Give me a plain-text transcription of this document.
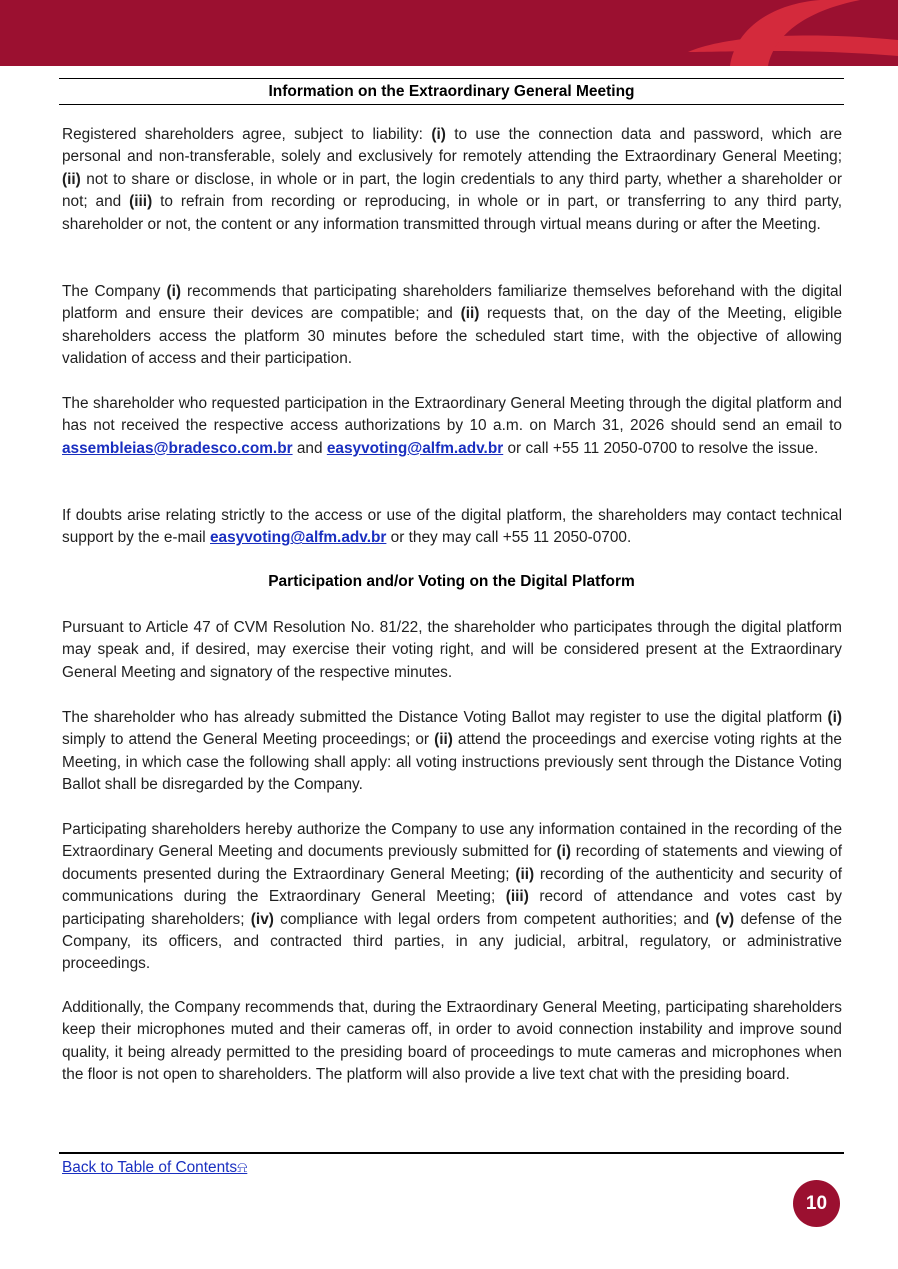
Information on the Extraordinary General Meeting

Registered shareholders agree, subject to liability: (i) to use the connection data and password, which are personal and non-transferable, solely and exclusively for remotely attending the Extraordinary General Meeting; (ii) not to share or disclose, in whole or in part, the login credentials to any third party, whether a shareholder or not; and (iii) to refrain from recording or reproducing, in whole or in part, or transferring to any third party, shareholder or not, the content or any information transmitted through virtual means during or after the Meeting.

The Company (i) recommends that participating shareholders familiarize themselves beforehand with the digital platform and ensure their devices are compatible; and (ii) requests that, on the day of the Meeting, eligible shareholders access the platform 30 minutes before the scheduled start time, with the objective of allowing validation of access and their participation.

The shareholder who requested participation in the Extraordinary General Meeting through the digital platform and has not received the respective access authorizations by 10 a.m. on March 31, 2026 should send an email to assembleias@bradesco.com.br and easyvoting@alfm.adv.br or call +55 11 2050-0700 to resolve the issue.

If doubts arise relating strictly to the access or use of the digital platform, the shareholders may contact technical support by the e-mail easyvoting@alfm.adv.br or they may call +55 11 2050-0700.

Participation and/or Voting on the Digital Platform

Pursuant to Article 47 of CVM Resolution No. 81/22, the shareholder who participates through the digital platform may speak and, if desired, may exercise their voting right, and will be considered present at the Extraordinary General Meeting and signatory of the respective minutes.

The shareholder who has already submitted the Distance Voting Ballot may register to use the digital platform (i) simply to attend the General Meeting proceedings; or (ii) attend the proceedings and exercise voting rights at the Meeting, in which case the following shall apply: all voting instructions previously sent through the Distance Voting Ballot shall be disregarded by the Company.

Participating shareholders hereby authorize the Company to use any information contained in the recording of the Extraordinary General Meeting and documents previously submitted for (i) recording of statements and viewing of documents presented during the Extraordinary General Meeting; (ii) recording of the authenticity and security of communications during the Extraordinary General Meeting; (iii) record of attendance and votes cast by participating shareholders; (iv) compliance with legal orders from competent authorities; and (v) defense of the Company, its officers, and contracted third parties, in any judicial, arbitral, regulatory, or administrative proceedings.

Additionally, the Company recommends that, during the Extraordinary General Meeting, participating shareholders keep their microphones muted and their cameras off, in order to avoid connection instability and improve sound quality, it being already permitted to the presiding board of proceedings to mute cameras and microphones when the floor is not open to shareholders. The platform will also provide a live text chat with the presiding board.

Back to Table of Contents⍾
10
